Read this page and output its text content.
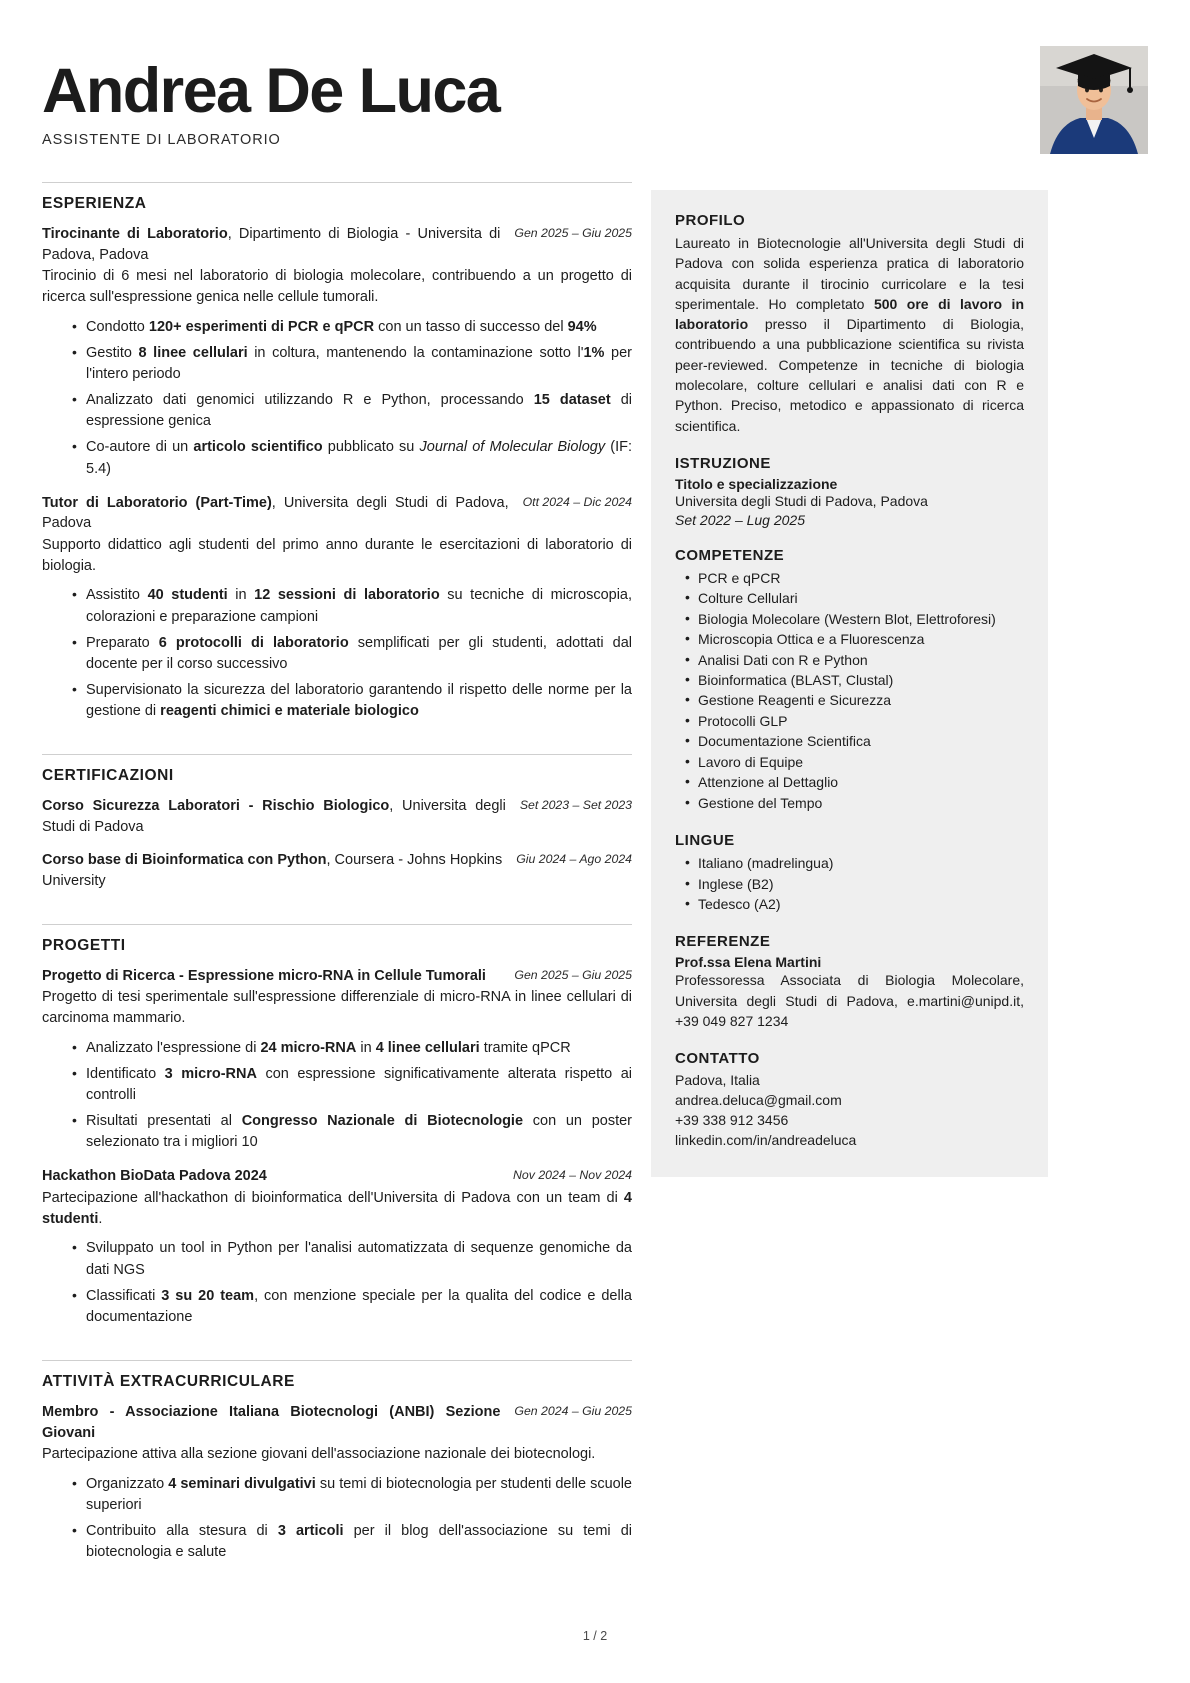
Andrea De Luca
ASSISTENTE DI LABORATORIO
ESPERIENZA
Tirocinante di Laboratorio, Dipartimento di Biologia - Universita di Padova, Padova
Gen 2025 – Giu 2025
Tirocinio di 6 mesi nel laboratorio di biologia molecolare, contribuendo a un progetto di ricerca sull'espressione genica nelle cellule tumorali.
• Condotto 120+ esperimenti di PCR e qPCR con un tasso di successo del 94%
• Gestito 8 linee cellulari in coltura, mantenendo la contaminazione sotto l'1% per l'intero periodo
• Analizzato dati genomici utilizzando R e Python, processando 15 dataset di espressione genica
• Co-autore di un articolo scientifico pubblicato su Journal of Molecular Biology (IF: 5.4)
Tutor di Laboratorio (Part-Time), Universita degli Studi di Padova, Padova
Ott 2024 – Dic 2024
Supporto didattico agli studenti del primo anno durante le esercitazioni di laboratorio di biologia.
• Assistito 40 studenti in 12 sessioni di laboratorio su tecniche di microscopia, colorazioni e preparazione campioni
• Preparato 6 protocolli di laboratorio semplificati per gli studenti, adottati dal docente per il corso successivo
• Supervisionato la sicurezza del laboratorio garantendo il rispetto delle norme per la gestione di reagenti chimici e materiale biologico
CERTIFICAZIONI
Corso Sicurezza Laboratori - Rischio Biologico, Universita degli Studi di Padova
Set 2023 – Set 2023
Corso base di Bioinformatica con Python, Coursera - Johns Hopkins University
Giu 2024 – Ago 2024
PROGETTI
Progetto di Ricerca - Espressione micro-RNA in Cellule Tumorali	Gen 2025 – Giu 2025
Progetto di tesi sperimentale sull'espressione differenziale di micro-RNA in linee cellulari di carcinoma mammario.
• Analizzato l'espressione di 24 micro-RNA in 4 linee cellulari tramite qPCR
• Identificato 3 micro-RNA con espressione significativamente alterata rispetto ai controlli
• Risultati presentati al Congresso Nazionale di Biotecnologie con un poster selezionato tra i migliori 10
Hackathon BioData Padova 2024	Nov 2024 – Nov 2024
Partecipazione all'hackathon di bioinformatica dell'Universita di Padova con un team di 4 studenti.
• Sviluppato un tool in Python per l'analisi automatizzata di sequenze genomiche da dati NGS
• Classificati 3 su 20 team, con menzione speciale per la qualita del codice e della documentazione
ATTIVITÀ EXTRACURRICULARE
Membro - Associazione Italiana Biotecnologi (ANBI) Sezione Giovani
Gen 2024 – Giu 2025
Partecipazione attiva alla sezione giovani dell'associazione nazionale dei biotecnologi.
• Organizzato 4 seminari divulgativi su temi di biotecnologia per studenti delle scuole superiori
• Contribuito alla stesura di 3 articoli per il blog dell'associazione su temi di biotecnologia e salute
PROFILO

Laureato in Biotecnologie all'Universita degli Studi di Padova con solida esperienza pratica di laboratorio acquisita durante il tirocinio curricolare e la tesi sperimentale. Ho completato 500 ore di lavoro in laboratorio presso il Dipartimento di Biologia, contribuendo a una pubblicazione scientifica su rivista peer-reviewed. Competenze in tecniche di biologia molecolare, colture cellulari e analisi dati con R e Python. Preciso, metodico e appassionato di ricerca scientifica.

ISTRUZIONE

Titolo e specializzazione

Universita degli Studi di Padova, Padova

Set 2022 – Lug 2025

COMPETENZE
• PCR e qPCR
• Colture Cellulari
• Biologia Molecolare (Western Blot, Elettroforesi)
• Microscopia Ottica e a Fluorescenza
• Analisi Dati con R e Python
• Bioinformatica (BLAST, Clustal)
• Gestione Reagenti e Sicurezza
• Protocolli GLP
• Documentazione Scientifica
• Lavoro di Equipe
• Attenzione al Dettaglio
• Gestione del Tempo
LINGUE
• Italiano (madrelingua)
• Inglese (B2)
• Tedesco (A2)
REFERENZE

Prof.ssa Elena Martini

Professoressa Associata di Biologia Molecolare, Universita degli Studi di Padova, e.martini@unipd.it, +39 049 827 1234

CONTATTO

Padova, Italia

andrea.deluca@gmail.com

+39 338 912 3456

linkedin.com/in/andreadeluca

1 / 2
